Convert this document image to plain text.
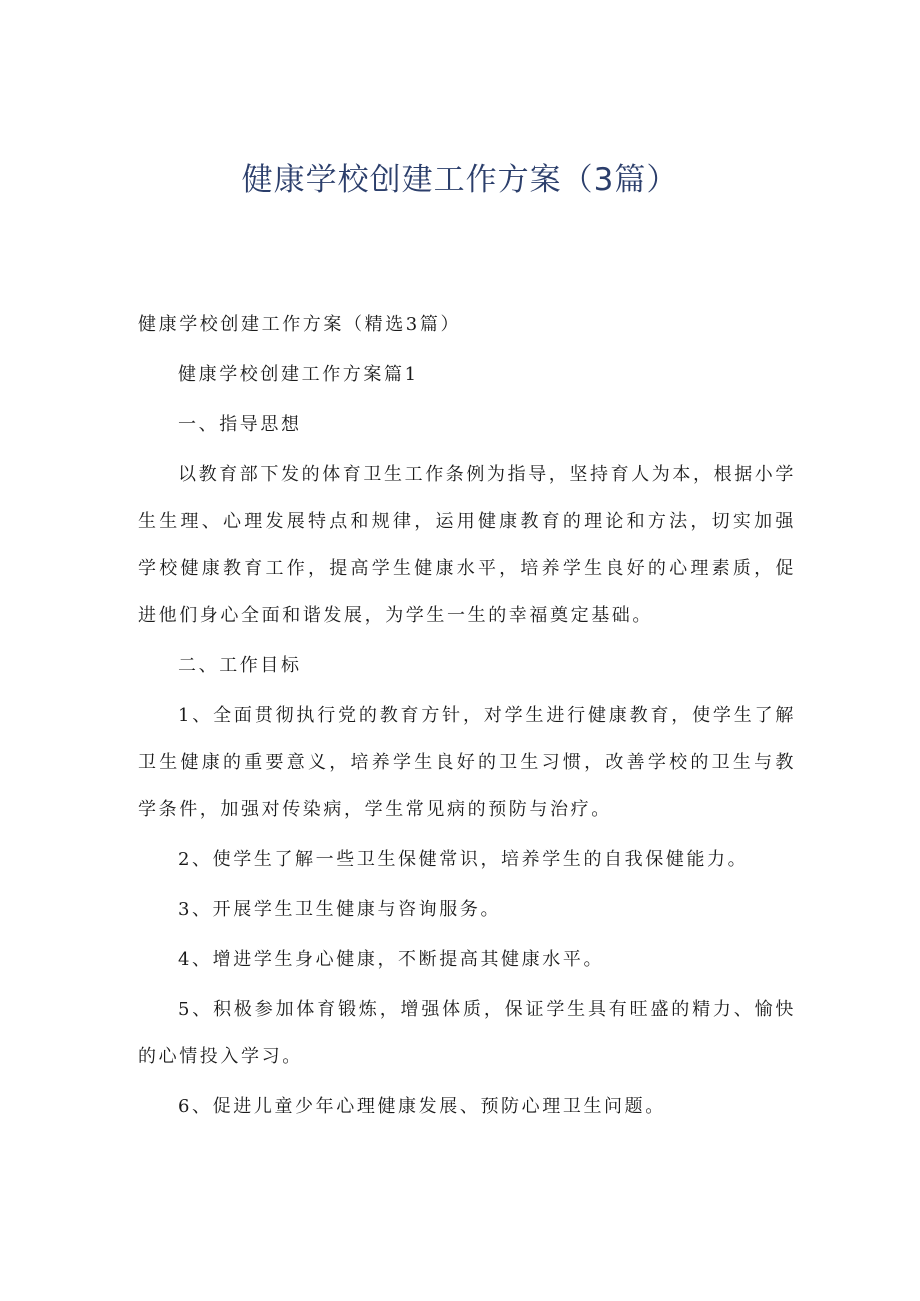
健康学校创建工作方案（3篇）

健康学校创建工作方案（精选3篇）

健康学校创建工作方案篇1

一、指导思想

以教育部下发的体育卫生工作条例为指导，坚持育人为本，根据小学生生理、心理发展特点和规律，运用健康教育的理论和方法，切实加强学校健康教育工作，提高学生健康水平，培养学生良好的心理素质，促进他们身心全面和谐发展，为学生一生的幸福奠定基础。

二、工作目标

1、全面贯彻执行党的教育方针，对学生进行健康教育，使学生了解卫生健康的重要意义，培养学生良好的卫生习惯，改善学校的卫生与教学条件，加强对传染病，学生常见病的预防与治疗。

2、使学生了解一些卫生保健常识，培养学生的自我保健能力。

3、开展学生卫生健康与咨询服务。

4、增进学生身心健康，不断提高其健康水平。

5、积极参加体育锻炼，增强体质，保证学生具有旺盛的精力、愉快的心情投入学习。

6、促进儿童少年心理健康发展、预防心理卫生问题。
